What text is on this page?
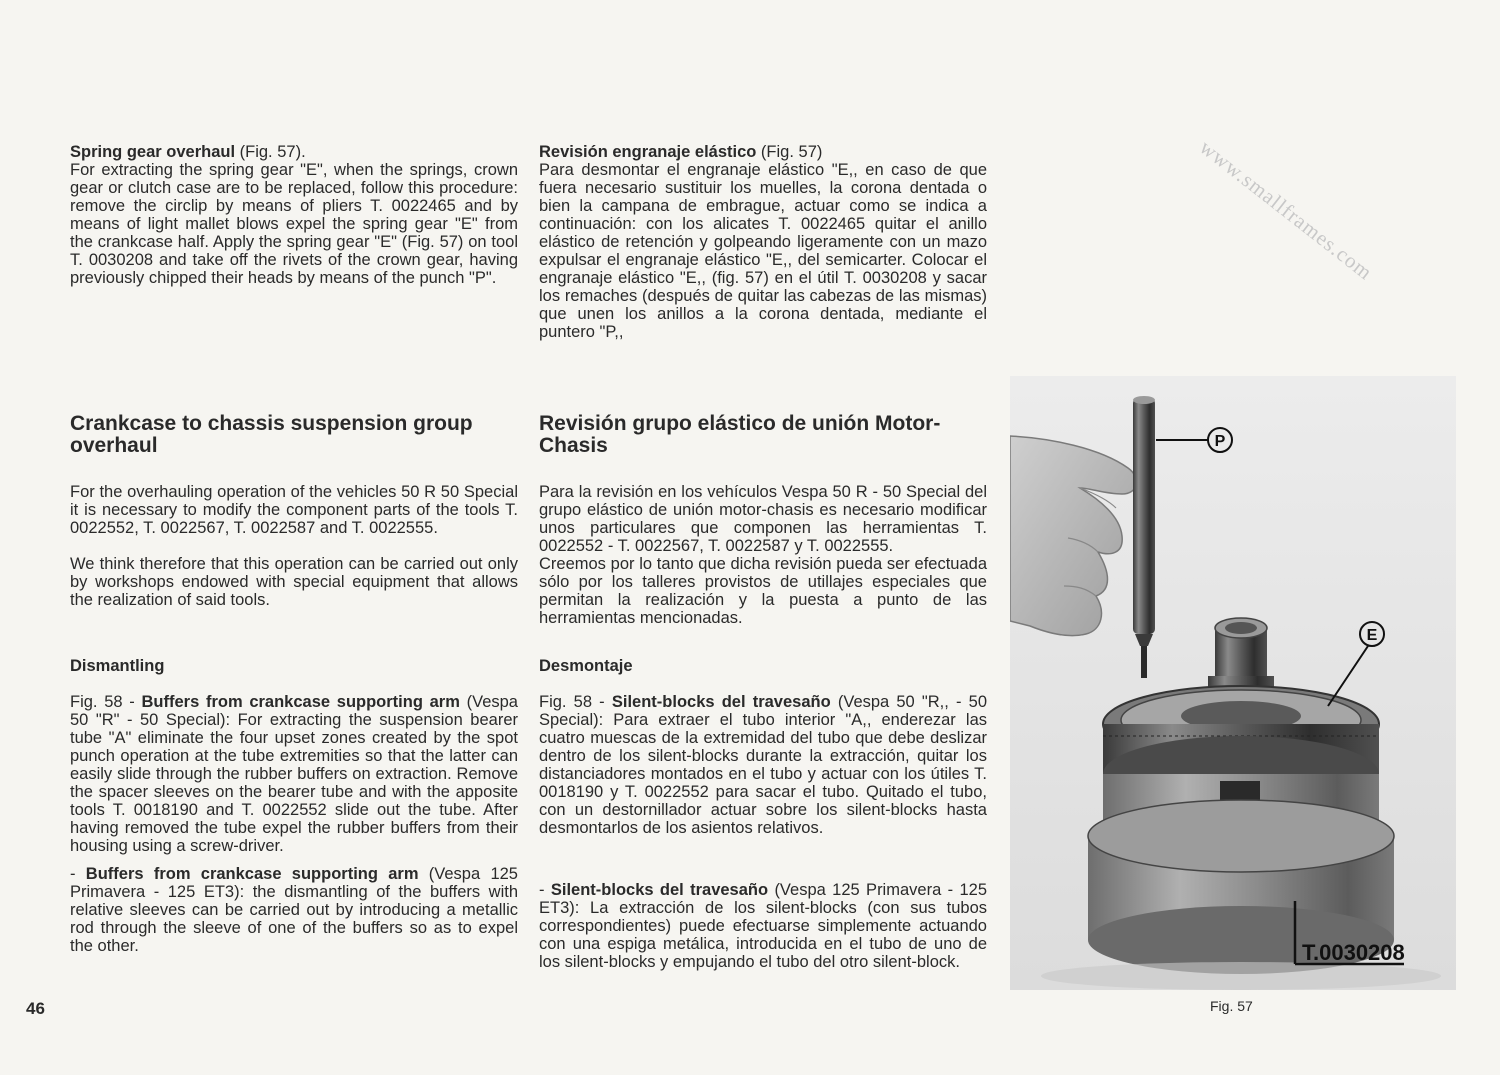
www.smallframes.com

Spring gear overhaul (Fig. 57).

For extracting the spring gear "E", when the springs, crown gear or clutch case are to be replaced, follow this procedure: remove the circlip by means of pliers T. 0022465 and by means of light mallet blows expel the spring gear "E" from the crankcase half. Apply the spring gear "E" (Fig. 57) on tool T. 0030208 and take off the rivets of the crown gear, having previously chipped their heads by means of the punch "P".

Crankcase to chassis suspension group overhaul

For the overhauling operation of the vehicles 50 R 50 Special it is necessary to modify the component parts of the tools T. 0022552, T. 0022567, T. 0022587 and T. 0022555.

We think therefore that this operation can be carried out only by workshops endowed with special equipment that allows the realization of said tools.

Dismantling

Fig. 58 - Buffers from crankcase supporting arm (Vespa 50 "R" - 50 Special): For extracting the suspension bearer tube "A" eliminate the four upset zones created by the spot punch operation at the tube extremities so that the latter can easily slide through the rubber buffers on extraction. Remove the spacer sleeves on the bearer tube and with the apposite tools T. 0018190 and T. 0022552 slide out the tube. After having removed the tube expel the rubber buffers from their housing using a screw-driver.

- Buffers from crankcase supporting arm (Vespa 125 Primavera - 125 ET3): the dismantling of the buffers with relative sleeves can be carried out by introducing a metallic rod through the sleeve of one of the buffers so as to expel the other.

Revisión engranaje elástico (Fig. 57)

Para desmontar el engranaje elástico "E,, en caso de que fuera necesario sustituir los muelles, la corona dentada o bien la campana de embrague, actuar como se indica a continuación: con los alicates T. 0022465 quitar el anillo elástico de retención y golpeando ligeramente con un mazo expulsar el engranaje elástico "E,, del semicarter. Colocar el engranaje elástico "E,, (fig. 57) en el útil T. 0030208 y sacar los remaches (después de quitar las cabezas de las mismas) que unen los anillos a la corona dentada, mediante el puntero "P,,

Revisión grupo elástico de unión Motor-Chasis

Para la revisión en los vehículos Vespa 50 R - 50 Special del grupo elástico de unión motor-chasis es necesario modificar unos particulares que componen las herramientas T. 0022552 - T. 0022567, T. 0022587 y T. 0022555.

Creemos por lo tanto que dicha revisión pueda ser efectuada sólo por los talleres provistos de utillajes especiales que permitan la realización y la puesta a punto de las herramientas mencionadas.

Desmontaje

Fig. 58 - Silent-blocks del travesaño (Vespa 50 "R,, - 50 Special): Para extraer el tubo interior "A,, enderezar las cuatro muescas de la extremidad del tubo que debe deslizar dentro de los silent-blocks durante la extracción, quitar los distanciadores montados en el tubo y actuar con los útiles T. 0018190 y T. 0022552 para sacar el tubo. Quitado el tubo, con un destornillador actuar sobre los silent-blocks hasta desmontarlos de los asientos relativos.

- Silent-blocks del travesaño (Vespa 125 Primavera - 125 ET3): La extracción de los silent-blocks (con sus tubos correspondientes) puede efectuarse simplemente actuando con una espiga metálica, introducida en el tubo de uno de los silent-blocks y empujando el tubo del otro silent-block.

46
P
E
T.0030208
Fig. 57
